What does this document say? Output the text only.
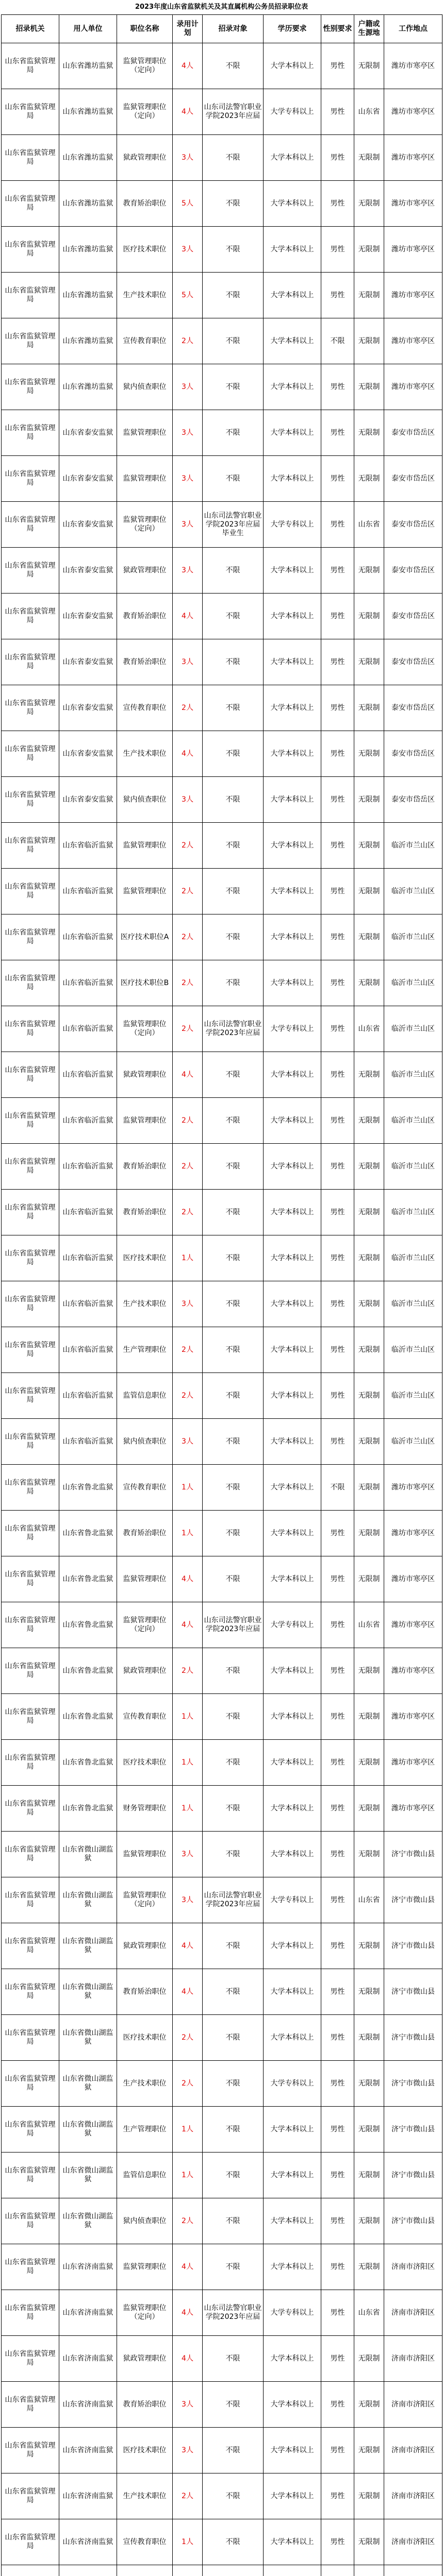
2023年度山东省监狱机关及其直属机构公务员招录职位表
招录机关	用人单位	职位名称	录用计划	招录对象	学历要求	性别要求	户籍或生源地	工作地点
山东省监狱管理局	山东省潍坊监狱	监狱管理职位（定向）	4人	不限	大学本科以上	男性	无限制	潍坊市寒亭区
山东省监狱管理局	山东省潍坊监狱	监狱管理职位（定向）	4人	山东司法警官职业学院2023年应届	大学专科以上	男性	山东省	潍坊市寒亭区
山东省监狱管理局	山东省潍坊监狱	狱政管理职位	3人	不限	大学本科以上	男性	无限制	潍坊市寒亭区
山东省监狱管理局	山东省潍坊监狱	教育矫治职位	5人	不限	大学本科以上	男性	无限制	潍坊市寒亭区
山东省监狱管理局	山东省潍坊监狱	医疗技术职位	3人	不限	大学本科以上	男性	无限制	潍坊市寒亭区
山东省监狱管理局	山东省潍坊监狱	生产技术职位	5人	不限	大学本科以上	男性	无限制	潍坊市寒亭区
山东省监狱管理局	山东省潍坊监狱	宣传教育职位	2人	不限	大学本科以上	不限	无限制	潍坊市寒亭区
山东省监狱管理局	山东省潍坊监狱	狱内侦查职位	3人	不限	大学本科以上	男性	无限制	潍坊市寒亭区
山东省监狱管理局	山东省泰安监狱	监狱管理职位	3人	不限	大学本科以上	男性	无限制	泰安市岱岳区
山东省监狱管理局	山东省泰安监狱	监狱管理职位	3人	不限	大学本科以上	男性	无限制	泰安市岱岳区
山东省监狱管理局	山东省泰安监狱	监狱管理职位（定向）	3人	山东司法警官职业学院2023年应届毕业生	大学专科以上	男性	山东省	泰安市岱岳区
山东省监狱管理局	山东省泰安监狱	狱政管理职位	3人	不限	大学本科以上	男性	无限制	泰安市岱岳区
山东省监狱管理局	山东省泰安监狱	教育矫治职位	4人	不限	大学本科以上	男性	无限制	泰安市岱岳区
山东省监狱管理局	山东省泰安监狱	教育矫治职位	3人	不限	大学本科以上	男性	无限制	泰安市岱岳区
山东省监狱管理局	山东省泰安监狱	宣传教育职位	2人	不限	大学本科以上	男性	无限制	泰安市岱岳区
山东省监狱管理局	山东省泰安监狱	生产技术职位	4人	不限	大学本科以上	男性	无限制	泰安市岱岳区
山东省监狱管理局	山东省泰安监狱	狱内侦查职位	3人	不限	大学本科以上	男性	无限制	泰安市岱岳区
山东省监狱管理局	山东省临沂监狱	监狱管理职位	2人	不限	大学本科以上	男性	无限制	临沂市兰山区
山东省监狱管理局	山东省临沂监狱	监狱管理职位	2人	不限	大学本科以上	男性	无限制	临沂市兰山区
山东省监狱管理局	山东省临沂监狱	医疗技术职位A	2人	不限	大学本科以上	男性	无限制	临沂市兰山区
山东省监狱管理局	山东省临沂监狱	医疗技术职位B	2人	不限	大学本科以上	男性	无限制	临沂市兰山区
山东省监狱管理局	山东省临沂监狱	监狱管理职位（定向）	2人	山东司法警官职业学院2023年应届	大学专科以上	男性	山东省	临沂市兰山区
山东省监狱管理局	山东省临沂监狱	狱政管理职位	4人	不限	大学本科以上	男性	无限制	临沂市兰山区
山东省监狱管理局	山东省临沂监狱	监狱管理职位	2人	不限	大学本科以上	男性	无限制	临沂市兰山区
山东省监狱管理局	山东省临沂监狱	教育矫治职位	2人	不限	大学本科以上	男性	无限制	临沂市兰山区
山东省监狱管理局	山东省临沂监狱	教育矫治职位	2人	不限	大学本科以上	男性	无限制	临沂市兰山区
山东省监狱管理局	山东省临沂监狱	医疗技术职位	1人	不限	大学本科以上	男性	无限制	临沂市兰山区
山东省监狱管理局	山东省临沂监狱	生产技术职位	3人	不限	大学本科以上	男性	无限制	临沂市兰山区
山东省监狱管理局	山东省临沂监狱	生产管理职位	2人	不限	大学本科以上	男性	无限制	临沂市兰山区
山东省监狱管理局	山东省临沂监狱	监管信息职位	2人	不限	大学本科以上	男性	无限制	临沂市兰山区
山东省监狱管理局	山东省临沂监狱	狱内侦查职位	3人	不限	大学本科以上	男性	无限制	临沂市兰山区
山东省监狱管理局	山东省鲁北监狱	宣传教育职位	1人	不限	大学本科以上	不限	无限制	潍坊市寒亭区
山东省监狱管理局	山东省鲁北监狱	教育矫治职位	1人	不限	大学本科以上	男性	无限制	潍坊市寒亭区
山东省监狱管理局	山东省鲁北监狱	监狱管理职位	4人	不限	大学本科以上	男性	无限制	潍坊市寒亭区
山东省监狱管理局	山东省鲁北监狱	监狱管理职位（定向）	4人	山东司法警官职业学院2023年应届	大学专科以上	男性	山东省	潍坊市寒亭区
山东省监狱管理局	山东省鲁北监狱	狱政管理职位	2人	不限	大学本科以上	男性	无限制	潍坊市寒亭区
山东省监狱管理局	山东省鲁北监狱	宣传教育职位	1人	不限	大学本科以上	男性	无限制	潍坊市寒亭区
山东省监狱管理局	山东省鲁北监狱	医疗技术职位	1人	不限	大学本科以上	男性	无限制	潍坊市寒亭区
山东省监狱管理局	山东省鲁北监狱	财务管理职位	1人	不限	大学本科以上	男性	无限制	潍坊市寒亭区
山东省监狱管理局	山东省微山湖监狱	监狱管理职位	3人	不限	大学本科以上	男性	无限制	济宁市微山县
山东省监狱管理局	山东省微山湖监狱	监狱管理职位（定向）	3人	山东司法警官职业学院2023年应届	大学专科以上	男性	山东省	济宁市微山县
山东省监狱管理局	山东省微山湖监狱	狱政管理职位	4人	不限	大学本科以上	男性	无限制	济宁市微山县
山东省监狱管理局	山东省微山湖监狱	教育矫治职位	4人	不限	大学本科以上	男性	无限制	济宁市微山县
山东省监狱管理局	山东省微山湖监狱	医疗技术职位	2人	不限	大学本科以上	男性	无限制	济宁市微山县
山东省监狱管理局	山东省微山湖监狱	生产技术职位	2人	不限	大学专科以上	男性	无限制	济宁市微山县
山东省监狱管理局	山东省微山湖监狱	生产管理职位	1人	不限	大学本科以上	男性	无限制	济宁市微山县
山东省监狱管理局	山东省微山湖监狱	监管信息职位	1人	不限	大学本科以上	男性	无限制	济宁市微山县
山东省监狱管理局	山东省微山湖监狱	狱内侦查职位	2人	不限	大学本科以上	男性	无限制	济宁市微山县
山东省监狱管理局	山东省济南监狱	监狱管理职位	4人	不限	大学本科以上	男性	无限制	济南市济阳区
山东省监狱管理局	山东省济南监狱	监狱管理职位（定向）	4人	山东司法警官职业学院2023年应届	大学专科以上	男性	山东省	济南市济阳区
山东省监狱管理局	山东省济南监狱	狱政管理职位	4人	不限	大学本科以上	男性	无限制	济南市济阳区
山东省监狱管理局	山东省济南监狱	教育矫治职位	3人	不限	大学本科以上	男性	无限制	济南市济阳区
山东省监狱管理局	山东省济南监狱	医疗技术职位	3人	不限	大学本科以上	男性	无限制	济南市济阳区
山东省监狱管理局	山东省济南监狱	生产技术职位	2人	不限	大学本科以上	男性	无限制	济南市济阳区
山东省监狱管理局	山东省济南监狱	宣传教育职位	1人	不限	大学本科以上	男性	无限制	济南市济阳区
